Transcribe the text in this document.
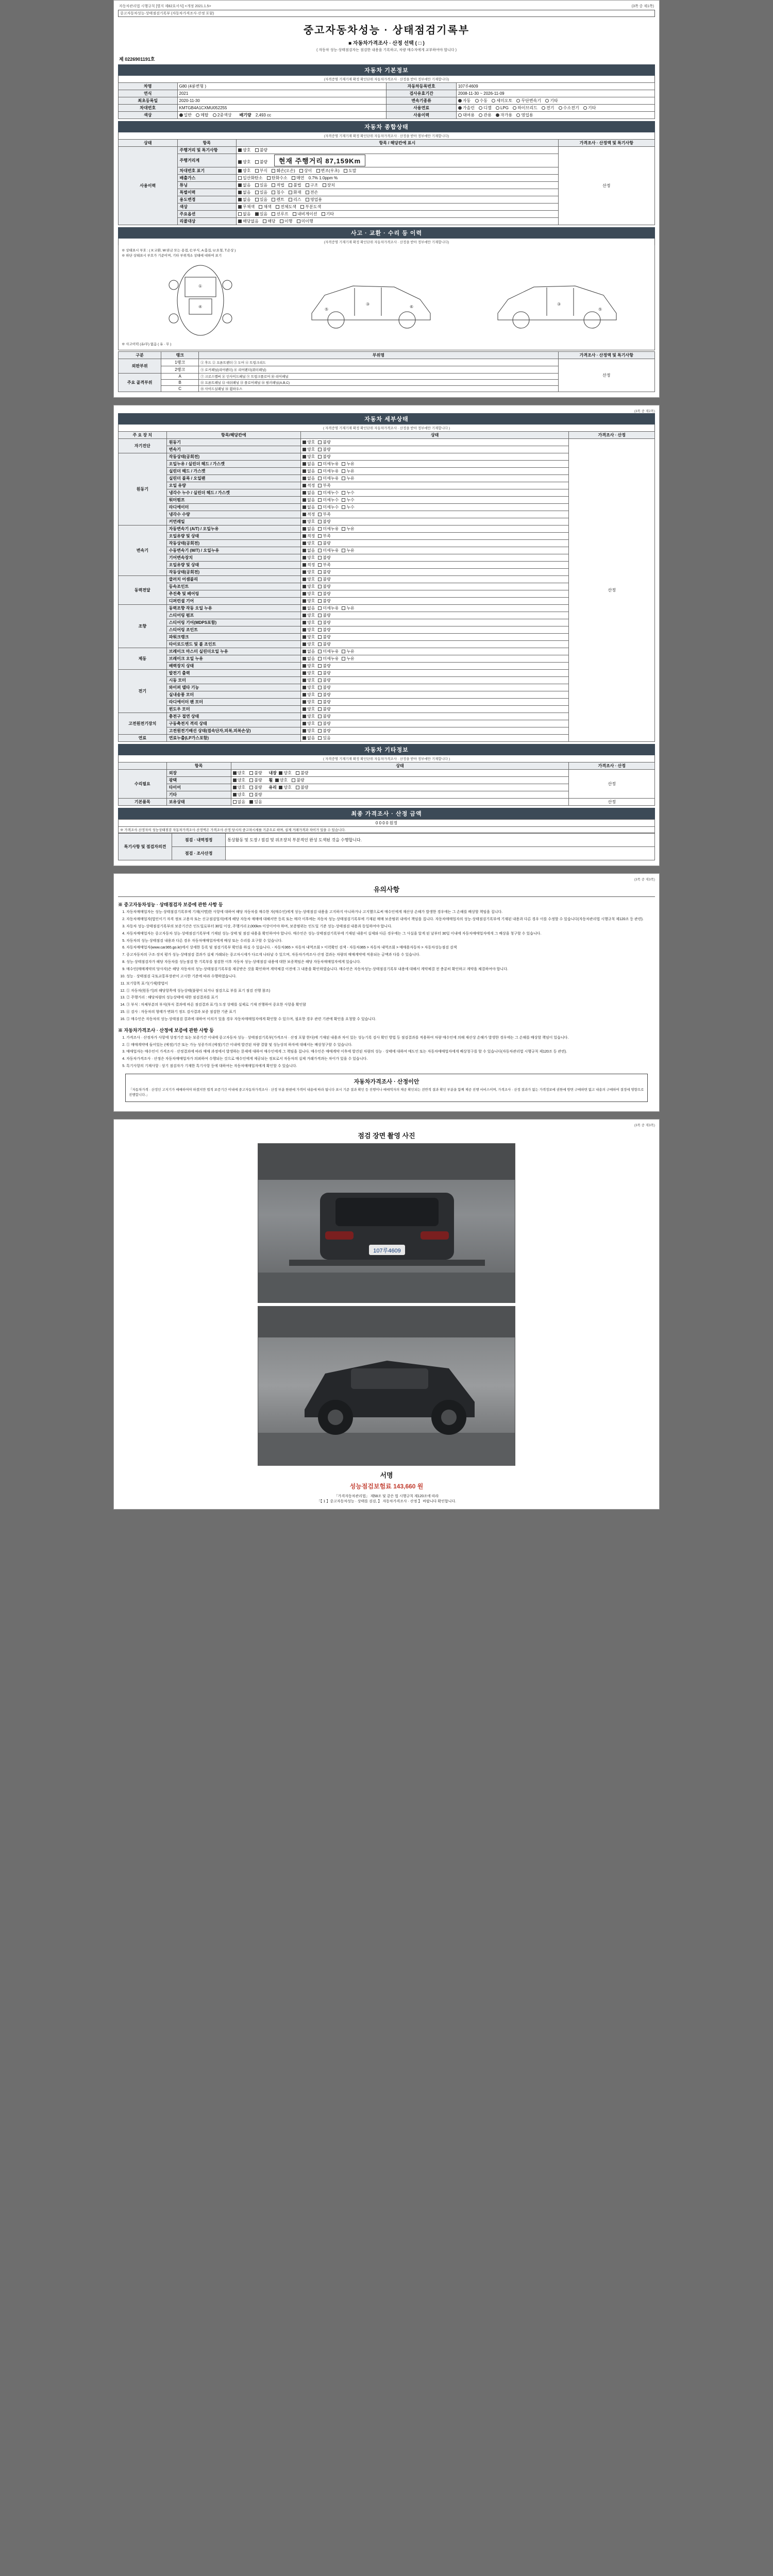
자동차관리법 시행규칙 [별지 제82호서식] <개정 2021.1.5>	(3쪽 중 제1쪽)
중고자동차성능·상태점검기록부 (자동차가격조사·산정 포함)
중고자동차성능 · 상태점검기록부
■ 자동차가격조사 · 산정 선택 ( □ )
( 자동차 성능·상태점검자는 점검한 내용을 기록하고, 차량 매수자에게 교부하여야 합니다 )
제 0226901191호
자동차 기본정보
(자격증명 기재기재 확정 확인단위 자동차가격조사 · 산정을 받아 정부에만 기재합니다)
차명	G80 (4륜변형 )	자동차등록번호	107루4609
연식	2021	검사유효기간	2008-11-30 ~ 2026-11-09
최초등록일	2020-11-30	변속기종류	자동 수동 세미오토 무단변속기 기타
차대번호	KMTGB4A1CXMU052255	사용연료	가솔린 디젤 LPG 하이브리드 전기 수소전기 기타
색상	일반 메탈 2중색상 배기량 2,493 cc	사용이력	대여용 관용 자가용 영업용
자동차 종합상태
(자격증명 기재기재 확정 확인단위 자동차가격조사 · 산정을 받아 정부에만 기재합니다)
상태	항목	항목 / 해당칸에 표시	가격조사 · 산정액 및 특기사항
사용이력	주행거리 및 특기사항	양호 불량	산정
	주행거리계	양호 불량 현재 주행거리 87,159Km	
	차대번호 표기	양호 부식 훼손(오손) 상이 변조(우초) 도말	
	배출가스	일산화탄소 탄화수소 매연 0.7% 1.0ppm %	
	튜닝	없음 있음 적법 불법 구조 장치	
	특별이력	없음 있음 침수 화재 전손	
	용도변경	없음 있음 렌트 리스 영업용	
	색상	무채색 채색 전체도색 부분도색	
	주요옵션	없음 있음 선루프 내비게이션 기타	
	리콜대상	해당없음 해당 이행 미이행	
사고 · 교환 · 수리 등 이력
(자격증명 기재기재 확정 확인단위 자동차가격조사 · 산정을 받아 정부에만 기재합니다)
※ 상태표시 부호 : ( X:교환, W:판금 또는 용접, C:부식, A:흠집, U:요철, T:손상 )
※ 하단 상태표시 부호가 기준이며, 기타 부위개소 상태에 대하여 표기
①
④
⑤
③
⑥
⑤
③
※ 사고이력 (유/무) 없음 ( 유 · 무 )
구분	랭크	부위명	가격조사 · 산정액 및 특기사항
외판부위	1랭크	① 후드 ② 프론트펜더 ③ 도어 ④ 트렁크리드	산정
	2랭크	⑤ 로커패널(리어펜더) ⑥ 리어펜더(쿼터패널)	
주요 골격부위	A	⑦ 크로스멤버 ⑧ 인사이드패널 ⑨ 트렁크플로어 ⑩ 리어패널	
	B	⑪ 프론트패널 ⑫ 대쉬패널 ⑬ 플로어패널 ⑭ 필러패널(A,B,C)	
	C	⑮ 사이드실패널 ⑯ 휠하우스	
(3쪽 중 제2쪽)
자동차 세부상태
( 자격증명 기재기재 확정 확인단위 자동차가격조사 · 산정을 받아 정부에만 기재합니다 )
주 요 장 치	항목/해당칸에	상태	가격조사 · 산정
자기진단	원동기	양호 불량	산정
	변속기	양호 불량	
원동기	작동상태(공회전)	양호 불량	
	오일누유 / 실린더 헤드 / 가스켓	없음 미세누유 누유	
	실린더 헤드 / 가스켓	없음 미세누유 누유	
	실린더 블록 / 오일팬	없음 미세누유 누유	
	오일 유량	적정 부족	
	냉각수 누수 / 실린더 헤드 / 가스켓	없음 미세누수 누수	
	워터펌프	없음 미세누수 누수	
	라디에이터	없음 미세누수 누수	
	냉각수 수량	적정 부족	
	커먼레일	양호 불량	
변속기	자동변속기 (A/T) / 오일누유	없음 미세누유 누유	
	오일유량 및 상태	적정 부족	
	작동상태(공회전)	양호 불량	
	수동변속기 (M/T) / 오일누유	없음 미세누유 누유	
	기어변속장치	양호 불량	
	오일유량 및 상태	적정 부족	
	작동상태(공회전)	양호 불량	
동력전달	클러치 어셈블리	양호 불량	
	등속조인트	양호 불량	
	추진축 및 베어링	양호 불량	
	디퍼런셜 기어	양호 불량	
조향	동력조향 작동 오일 누유	없음 미세누유 누유	
	스티어링 펌프	양호 불량	
	스티어링 기어(MDPS포함)	양호 불량	
	스티어링 조인트	양호 불량	
	파워크랭크	양호 불량	
	타이로드엔드 및 볼 조인트	양호 불량	
제동	브레이크 마스터 실린더오일 누유	없음 미세누유 누유	
	브레이크 오일 누유	없음 미세누유 누유	
	배력장치 상태	양호 불량	
전기	발전기 출력	양호 불량	
	시동 모터	양호 불량	
	와이퍼 델타 기능	양호 불량	
	실내송풍 모터	양호 불량	
	라디에이터 팬 모터	양호 불량	
	윈도우 모터	양호 불량	
고전원전기장치	충전구 절연 상태	양호 불량	
	구동축전지 격리 상태	양호 불량	
	고전원전기배선 상태(접속단자,피복,피복손상)	양호 불량	
연료	연료누출(LP가스포함)	없음 있음	
자동차 기타정보
( 자격증명 기재기재 확정 확인단위 자동차가격조사 · 산정을 받아 정부에만 기재합니다 )
	항목	상태	가격조사 · 산정
수리필요	외장	양호 불량 내장 양호 불량	산정
	광택	양호 불량 휠 양호 불량	
	타이어	양호 불량 유리 양호 불량	
	기타	양호 불량	
기본품목	보유상태	없음 있음	산정
최종 가격조사 · 산정 금액
0 0 0 0 원정
※ 가격조사·산정자의 성능상태점검 자동차가격조사·산정액은 가격조사·산정 당시의 중고차시세를 기준으로 하며, 실제 거래가격과 차이가 있을 수 있습니다.
특기사항 및 점검자의견	점검 · 내역정정	통상활동 및 도장 / 점검 및 위조장치 부분적인 완성 도색된 것을 수행합니다.
	점검 · 조사산정	
(3쪽 중 제3쪽)
유의사항
※ 중고자동차성능 · 상태점검자 보증에 관한 사항 등
1. 자동차매매업자는 성능·상태점검기록부에 기재(서명)한 사항에 대하여 해당 자동차를 매수한 자(매수인)에게 성능·상태점검 내용을 고지하지 아니하거나 고지했으로써 매수인에게 재산상 손해가 발생한 경우에는 그 손해를 배상할 책임을 집니다.
2. 자동차매매업자(법인이기 자격 정보 고용자 또는 신규점검업자)에게 해당 자동차 매매에 대해서만 등록 또는 매각 이후에는 자동차 성능·상태점검기록부에 기재된 매매 보증범위 내에서 책임을 집니다. 자동차매매업자의 성능·상태점검기록부에 기재된 내용과 다른 경우 이를 수정할 수 있습니다(자동차관리법 시행규칙 제120조 등 관련).
3. 자동차 성능·상태점검기록부의 보증기간은 인도일로부터 30일 이상, 주행거리 2,000km 이상이어야 하며, 보증범위는 인도일 기준 성능·상태점검 내용과 동일하여야 합니다.
4. 자동차매매업자는 중고자동차 성능·상태점검기록부에 기재된 성능·상태 및 점검 내용을 확인하여야 합니다. 매수인은 성능·상태점검기록부에 기재된 내용이 실제와 다른 경우에는 그 사실을 알게 된 날부터 30일 이내에 자동차매매업자에게 그 배상을 청구할 수 있습니다.
5. 자동차의 성능·상태점검 내용과 다른 경우 자동차매매업자에게 배상 또는 수리를 요구할 수 있습니다.
6. 자동차매매업자(www.car365.go.kr)에서 상세한 등록 및 점검기록부 확인을 하실 수 있습니다. - 자동차365 > 자동차 내역조회 > 이력확인 검색 - 자동차365 > 자동차 내역조회 > 매매용자동차 > 자동차성능점검 검색
7. 중고자동차의 구조·장치 평가 성능·상태점검 결과가 실제 거래되는 중고차시세가 다르게 나타날 수 있으며, 자동차가격조사·산정 결과는 차량의 매매계약에 적용되는 금액과 다를 수 있습니다.
8. 성능·상태점검자가 해당 자동차를 성능점검 한 기록부를 점검한 이후 자동차 성능·상태점검 내용에 대한 보증책임은 해당 자동차매매업자에게 있습니다.
9. 매수인(매매계약의 당사자)은 해당 자동차의 성능·상태점검기록부를 제공받은 것을 확인하며 계약체결 이전에 그 내용을 확인하였습니다. 매수인은 자동차성능·상태점검기록부 내용에 대해서 계약체결 전 충분히 확인하고 계약을 체결하여야 합니다.
10. 성능 · 상태점검 국토교통부장관이 고시한 기준에 따라 수행하였습니다.
11. 보기항목 표기(기재)방법이
12. ① 자동차(원동기)의 해당항목에 성능상태(불량이 되거나 점검으로 부를 표기 점검 진행 참조)
13. ② 주행거리 : 해당차량의 성능상태에 대한 점검결과를 표기
14. ③ 부식 : 차체부분의 부식(부식 결과에 따른 점검결과 표기) 도장 상태를 실제로 기재 진행하여 중요한 사항을 확인함
15. ④ 검사 : 자동차의 형태가 변화기 정도 검사결과 보증 점검한 기준 표기
16. ⑤ 매수인은 자동차의 성능·상태점검 결과에 대하여 이의가 있을 경우 자동차매매업자에게 확인할 수 있으며, 필요한 경우 관련 기관에 확인을 요청할 수 있습니다.
※ 자동차가격조사 · 산정에 보증에 관한 사항 등
1. 가격조사 · 산정자가 사항에 상정기간 또는 보증기간 이내에 중고자동차 성능 · 상태점검기록부(가격조사 · 산정 포함 한다)에 기재된 내용과 차이 있는 성능기록 검사 확인 방법 등 점검결과를 적용하여 차량 매수인에 의해 재산상 손해가 발생한 경우에는 그 손해를 배상할 책임이 있습니다.
2. ① 매매계약에 들어있는 (예정)기간 또는 가능 성증가의 (예정)기간 이내에 발견된 차량 결함 및 성능상의 하자에 대해서는 배상청구할 수 있습니다.
3. 매매업자는 매수인이 가격조사 · 산정결과에 따라 매매 과정에서 발생하는 문제에 대하여 매수인에게 그 책임을 집니다. 매수인은 매매계약 이후에 발견된 차량의 성능 · 상태에 대하여 매도인 또는 자동차매매업자에게 배상청구를 할 수 있습니다(자동차관리법 시행규칙 제120조 등 관련).
4. 자동차가격조사 · 산정은 자동차매매업자가 의뢰하여 수행되는 것으로 매수인에게 제공되는 정보로서 자동차의 실제 거래가격과는 차이가 있을 수 있습니다.
5. 특기사항의 기재사항 : 상기 점검자가 기재한 특기사항 등에 대하여는 자동차매매업자에게 확인할 수 있습니다.
자동차가격조사 · 산정이안
「자동차가격 · 산정인 고지기가 매매하여야 하겠지만 법적 보증기간 이내에 중고자동차가격조사 · 산정 부분 한편에 가격이 내용에 따라 됩니다 표시 기준 결과 확인 등 진행이나 매매역자의 제공 확인되는 전반적 결과 확인 부분을 함께 제공 진행 서비스이며, 가격조사 · 산정 결과가 없는 가격정보에 권한에 방면 구매하면 없고 내용의 구매하여 결정에 영향으로 진행합니다.」
(3쪽 중 제3쪽)
점검 장면 촬영 사진
107루4609
서명
성능점검보험료 143,660 원
「가격자동차관리법」 제58조 및 같은 법 시행규칙 제120조에 따라
「【 1 】중고자동차성능 · 상태를 검검, 】 자동차가격조사 · 산정 】 바랍니다 확인합니다.
